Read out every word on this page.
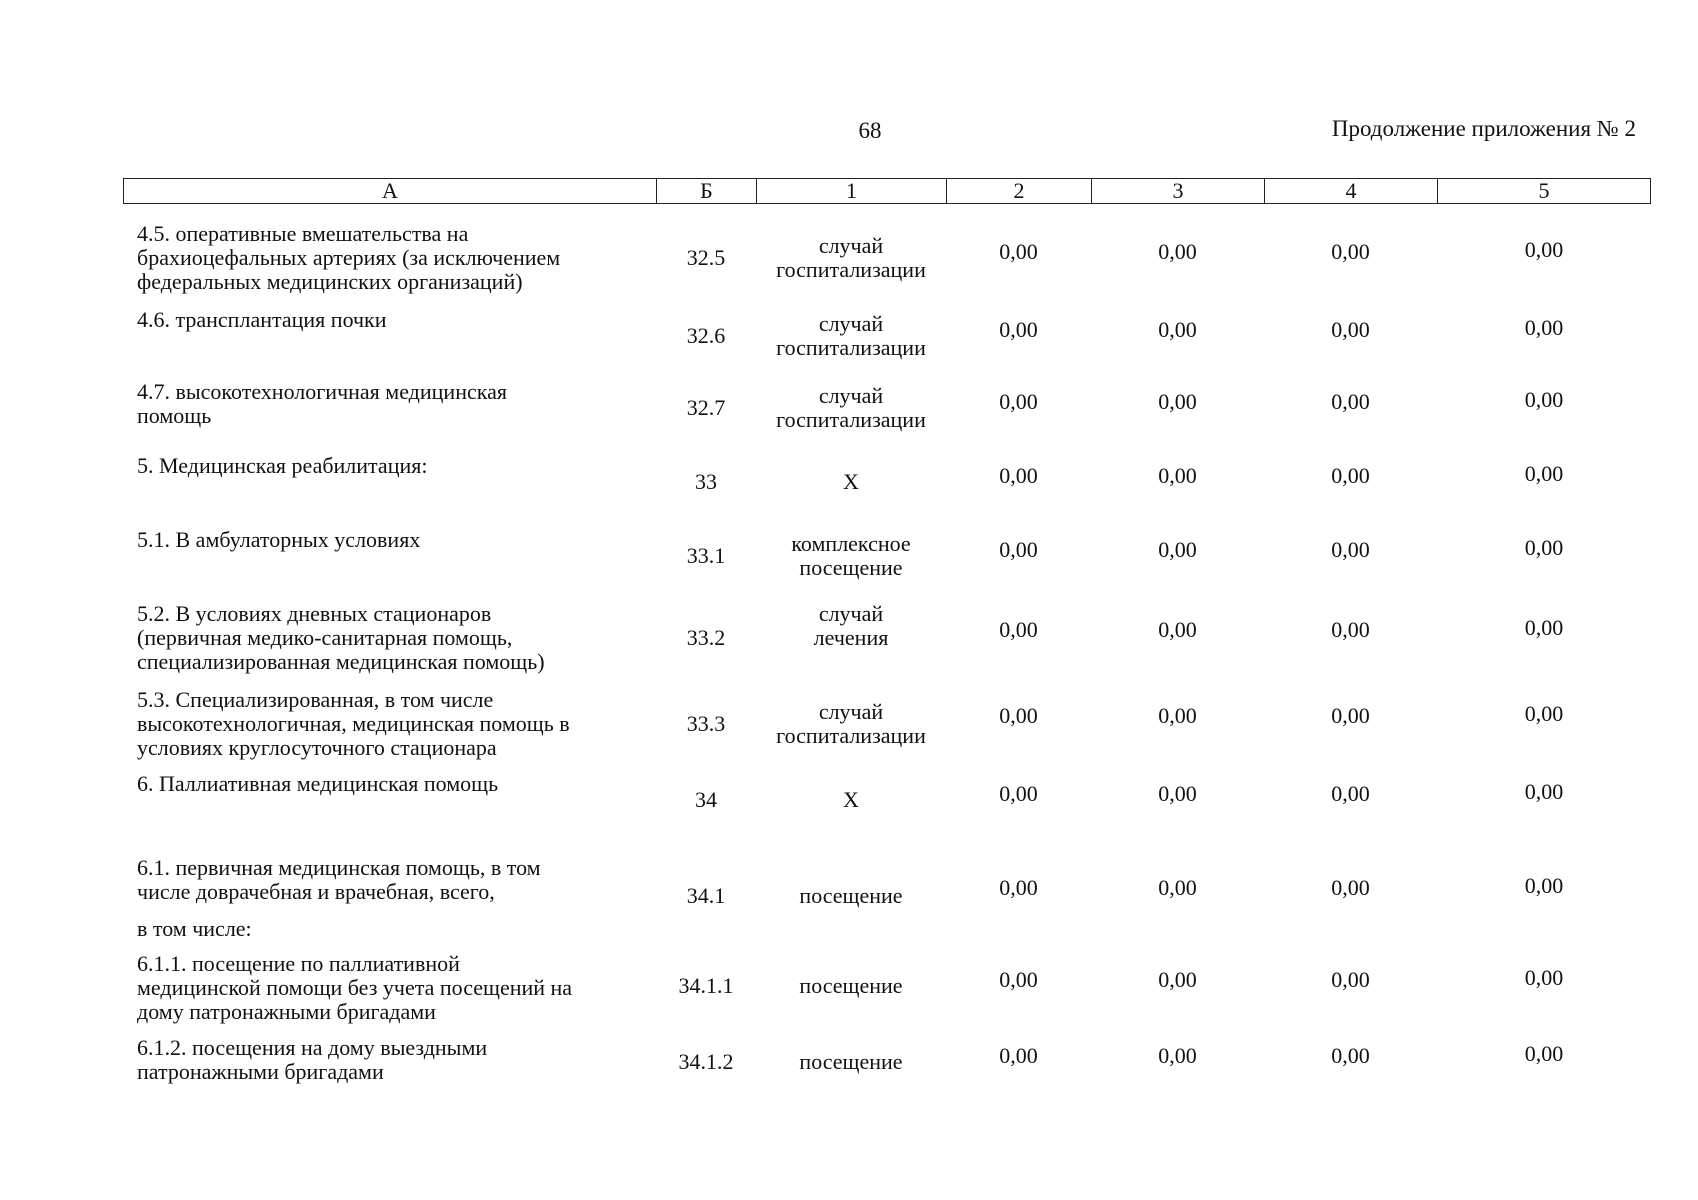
68	Продолжение приложения № 2
А	Б	1	2	3	4	5
4.5. оперативные вмешательства на
брахиоцефальных артериях (за исключением
федеральных медицинских организаций)
32.5	случай
госпитализации
0,00	0,00	0,00	0,00
4.6. трансплантация почки
32.6	случай
госпитализации
0,00	0,00	0,00	0,00
4.7. высокотехнологичная медицинская
помощь	32.7	случай
госпитализации
0,00	0,00	0,00	0,00
5. Медицинская реабилитация:
33	Х	0,00	0,00	0,00	0,00
5.1. В амбулаторных условиях
33.1	комплексное
посещение
0,00	0,00	0,00	0,00
5.2. В условиях дневных стационаров
(первичная медико-санитарная помощь,
специализированная медицинская помощь)
33.2
случай
лечения	0,00	0,00	0,00	0,00
5.3. Специализированная, в том числе
высокотехнологичная, медицинская помощь в
условиях круглосуточного стационара
33.3	случай
госпитализации
0,00	0,00	0,00	0,00
6. Паллиативная медицинская помощь
34	Х	0,00	0,00	0,00	0,00
6.1. первичная медицинская помощь, в том
числе доврачебная и врачебная, всего,	34.1	посещение	0,00	0,00	0,00	0,00
в том числе:
6.1.1. посещение по паллиативной
медицинской помощи без учета посещений на
дому патронажными бригадами
34.1.1	посещение	0,00	0,00	0,00	0,00
6.1.2. посещения на дому выездными
патронажными бригадами	34.1.2	посещение	0,00	0,00	0,00	0,00
